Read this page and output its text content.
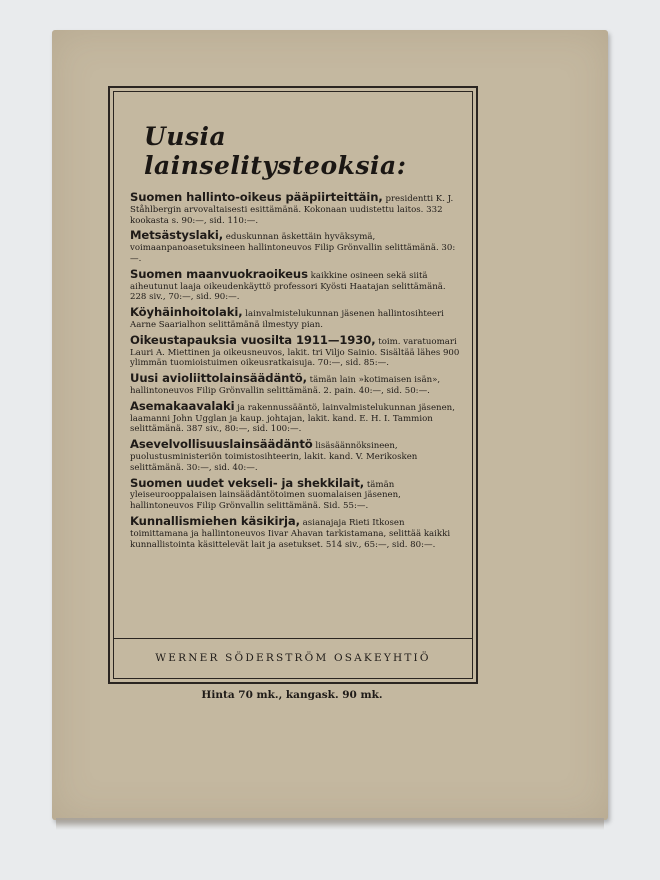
Uusia lainselitysteoksia:

Suomen hallinto-oikeus pääpiirteittäin, presidentti K. J. Ståhlbergin arvovaltaisesti esittämänä. Kokonaan uudistettu laitos. 332 kookasta s. 90:—, sid. 110:—.

Metsästyslaki, eduskunnan äskettäin hyväksymä, voimaanpanoasetuksineen hallintoneuvos Filip Grönvallin selittämänä. 30:—.

Suomen maanvuokraoikeus kaikkine osineen sekä siitä aiheutunut laaja oikeudenkäyttö professori Kyösti Haatajan selittämänä. 228 siv., 70:—, sid. 90:—.

Köyhäinhoitolaki, lainvalmistelukunnan jäsenen hallintosihteeri Aarne Saarialhon selittämänä ilmestyy pian.

Oikeustapauksia vuosilta 1911—1930, toim. varatuomari Lauri A. Miettinen ja oikeusneuvos, lakit. tri Viljo Sainio. Sisältää lähes 900 ylimmän tuomioistuimen oikeusratkaisuja. 70:—, sid. 85:—.

Uusi avioliittolainsäädäntö, tämän lain »kotimaisen isän», hallintoneuvos Filip Grönvallin selittämänä. 2. pain. 40:—, sid. 50:—.

Asemakaavalaki ja rakennussääntö, lainvalmistelukunnan jäsenen, laamanni John Ugglan ja kaup. johtajan, lakit. kand. E. H. I. Tammion selittämänä. 387 siv., 80:—, sid. 100:—.

Asevelvollisuuslainsäädäntö lisäsäännöksineen, puolustusministeriön toimistosihteerin, lakit. kand. V. Merikosken selittämänä. 30:—, sid. 40:—.

Suomen uudet vekseli- ja shekkilait, tämän yleiseurooppalaisen lainsäädäntötoimen suomalaisen jäsenen, hallintoneuvos Filip Grönvallin selittämänä. Sid. 55:—.

Kunnallismiehen käsikirja, asianajaja Rieti Itkosen toimittamana ja hallintoneuvos Iivar Ahavan tarkistamana, selittää kaikki kunnallistointa käsittelevät lait ja asetukset. 514 siv., 65:—, sid. 80:—.

WERNER SÖDERSTRÖM OSAKEYHTIÖ
Hinta 70 mk., kangask. 90 mk.
